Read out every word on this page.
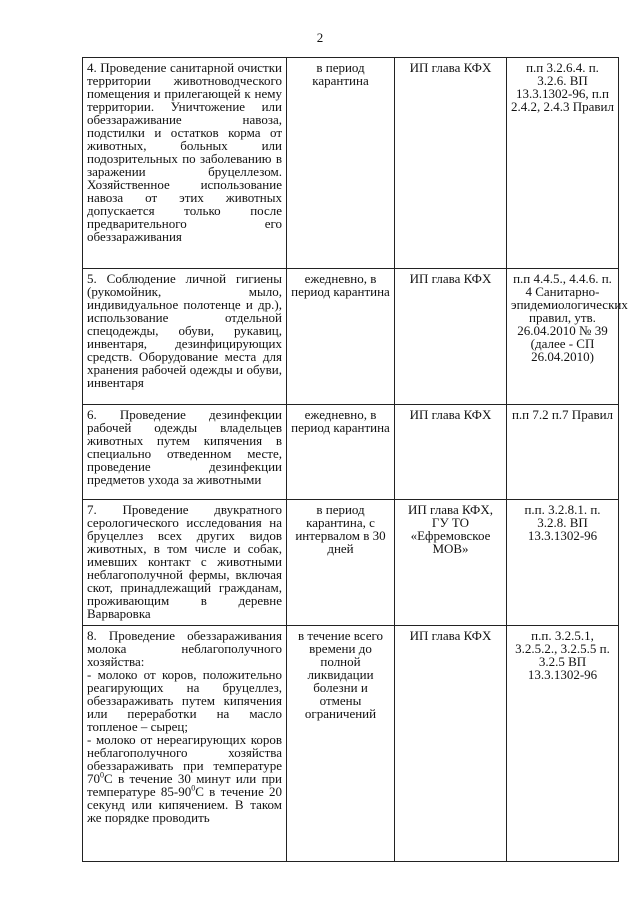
2
4. Проведение санитарной очистки территории животноводческого помещения и прилегающей к нему территории. Уничтожение или обеззараживание навоза, подстилки и остатков корма от животных, больных или подозрительных по заболеванию в заражении бруцеллезом. Хозяйственное использование навоза от этих животных допускается только после предварительного его обеззараживания	в период карантина	ИП глава КФХ	п.п 3.2.6.4. п. 3.2.6. ВП 13.3.1302-96, п.п 2.4.2, 2.4.3 Правил
5. Соблюдение личной гигиены (рукомойник, мыло, индивидуальное полотенце и др.), использование отдельной спецодежды, обуви, рукавиц, инвентаря, дезинфицирующих средств. Оборудование места для хранения рабочей одежды и обуви, инвентаря	ежедневно, в период карантина	ИП глава КФХ	п.п 4.4.5., 4.4.6. п. 4 Санитарно-эпидемиологических правил, утв. 26.04.2010 № 39 (далее - СП 26.04.2010)
6. Проведение дезинфекции рабочей одежды владельцев животных путем кипячения в специально отведенном месте, проведение дезинфекции предметов ухода за животными	ежедневно, в период карантина	ИП глава КФХ	п.п 7.2 п.7 Правил
7. Проведение двукратного серологического исследования на бруцеллез всех других видов животных, в том числе и собак, имевших контакт с животными неблагополучной фермы, включая скот, принадлежащий гражданам, проживающим в деревне Варваровка	в период карантина, с интервалом в 30 дней	ИП глава КФХ, ГУ ТО «Ефремовское МОВ»	п.п. 3.2.8.1. п. 3.2.8. ВП 13.3.1302-96

8. Проведение обеззараживания молока неблагополучного хозяйства:
- молоко от коров, положительно реагирующих на бруцеллез, обеззараживать путем кипячения или переработки на масло топленое – сырец;
- молоко от нереагирующих коров неблагополучного хозяйства обеззараживать при температуре $70^0С$ в течение 30 минут или при температуре $85-90^0С$ в течение 20 секунд или кипячением. В таком же порядке проводить	в течение всего времени до полной ликвидации болезни и отмены ограничений	ИП глава КФХ	п.п. 3.2.5.1, 3.2.5.2., 3.2.5.5 п. 3.2.5 ВП 13.3.1302-96
